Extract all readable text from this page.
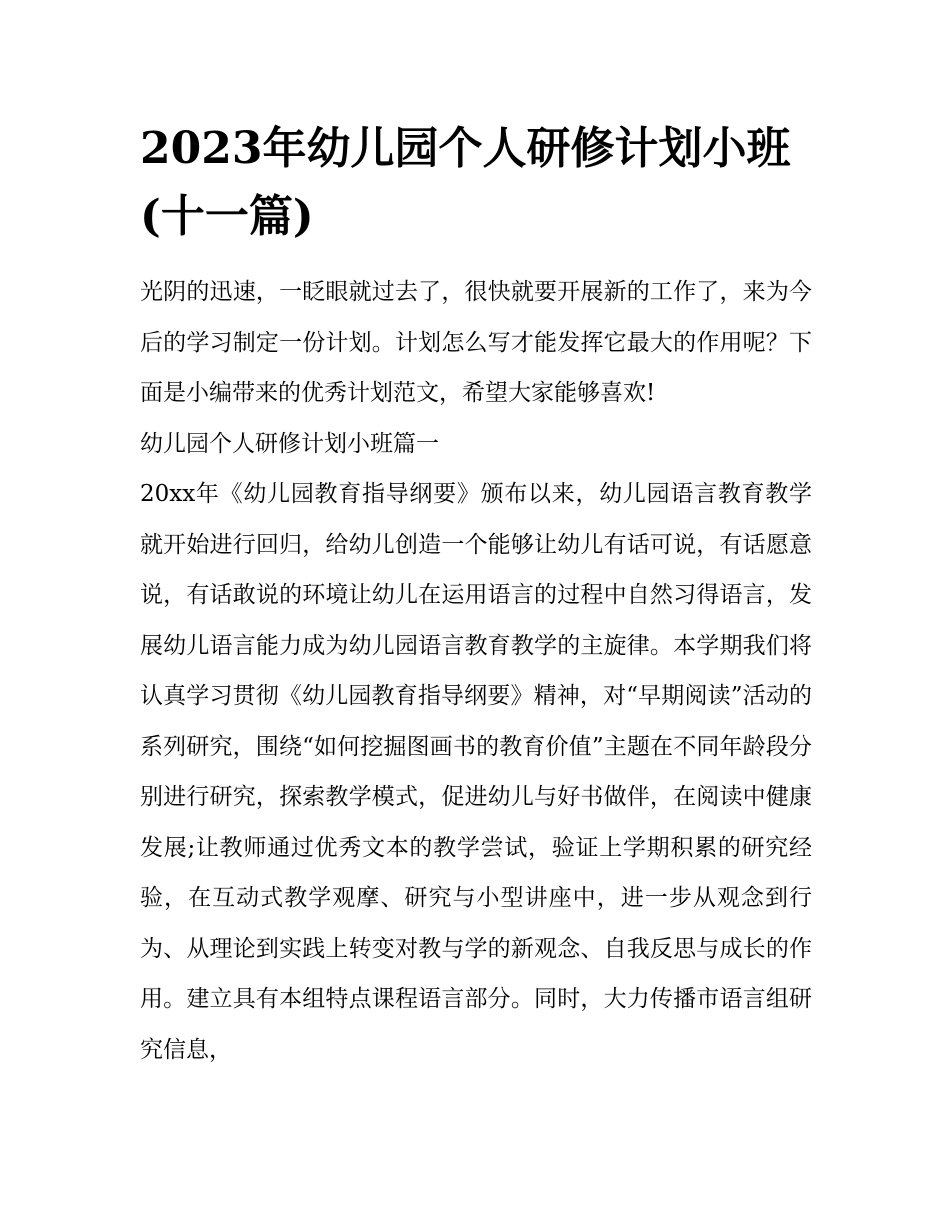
2023年幼儿园个人研修计划小班(十一篇)

光阴的迅速，一眨眼就过去了，很快就要开展新的工作了，来为今后的学习制定一份计划。计划怎么写才能发挥它最大的作用呢？下面是小编带来的优秀计划范文，希望大家能够喜欢!

幼儿园个人研修计划小班篇一

20xx年《幼儿园教育指导纲要》颁布以来，幼儿园语言教育教学就开始进行回归，给幼儿创造一个能够让幼儿有话可说，有话愿意说，有话敢说的环境让幼儿在运用语言的过程中自然习得语言，发展幼儿语言能力成为幼儿园语言教育教学的主旋律。本学期我们将认真学习贯彻《幼儿园教育指导纲要》精神，对“早期阅读”活动的系列研究，围绕“如何挖掘图画书的教育价值”主题在不同年龄段分别进行研究，探索教学模式，促进幼儿与好书做伴，在阅读中健康发展;让教师通过优秀文本的教学尝试，验证上学期积累的研究经验，在互动式教学观摩、研究与小型讲座中，进一步从观念到行为、从理论到实践上转变对教与学的新观念、自我反思与成长的作用。建立具有本组特点课程语言部分。同时，大力传播市语言组研究信息，
